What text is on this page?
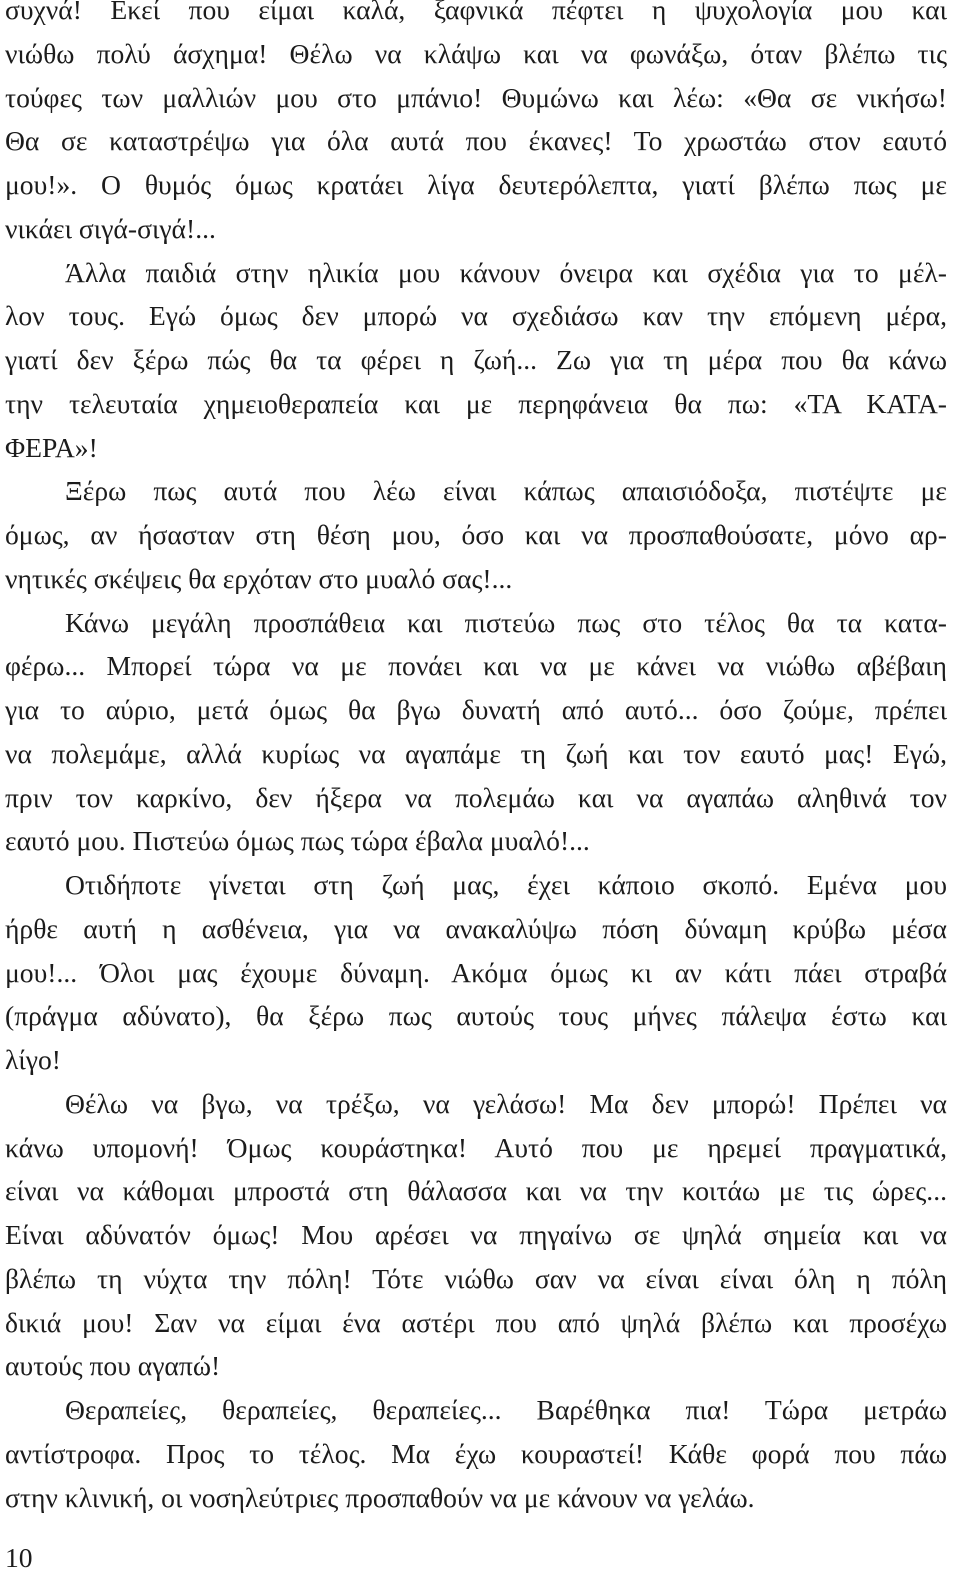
συχνά! Εκεί που είμαι καλά, ξαφνικά πέφτει η ψυχολογία μου και
νιώθω πολύ άσχημα! Θέλω να κλάψω και να φωνάξω, όταν βλέπω τις
τούφες των μαλλιών μου στο μπάνιο! Θυμώνω και λέω: «Θα σε νικήσω!
Θα σε καταστρέψω για όλα αυτά που έκανες! Το χρωστάω στον εαυτό
μου!». Ο θυμός όμως κρατάει λίγα δευτερόλεπτα, γιατί βλέπω πως με
νικάει σιγά-σιγά!...
Άλλα παιδιά στην ηλικία μου κάνουν όνειρα και σχέδια για το μέλ-
λον τους. Εγώ όμως δεν μπορώ να σχεδιάσω καν την επόμενη μέρα,
γιατί δεν ξέρω πώς θα τα φέρει η ζωή... Ζω για τη μέρα που θα κάνω
την τελευταία χημειοθεραπεία και με περηφάνεια θα πω: «ΤΑ ΚΑΤΑ-
ΦΕΡΑ»!
Ξέρω πως αυτά που λέω είναι κάπως απαισιόδοξα, πιστέψτε με
όμως, αν ήσασταν στη θέση μου, όσο και να προσπαθούσατε, μόνο αρ-
νητικές σκέψεις θα ερχόταν στο μυαλό σας!...
Κάνω μεγάλη προσπάθεια και πιστεύω πως στο τέλος θα τα κατα-
φέρω... Μπορεί τώρα να με πονάει και να με κάνει να νιώθω αβέβαιη
για το αύριο, μετά όμως θα βγω δυνατή από αυτό... όσο ζούμε, πρέπει
να πολεμάμε, αλλά κυρίως να αγαπάμε τη ζωή και τον εαυτό μας! Εγώ,
πριν τον καρκίνο, δεν ήξερα να πολεμάω και να αγαπάω αληθινά τον
εαυτό μου. Πιστεύω όμως πως τώρα έβαλα μυαλό!...
Οτιδήποτε γίνεται στη ζωή μας, έχει κάποιο σκοπό. Εμένα μου
ήρθε αυτή η ασθένεια, για να ανακαλύψω πόση δύναμη κρύβω μέσα
μου!... Όλοι μας έχουμε δύναμη. Ακόμα όμως κι αν κάτι πάει στραβά
(πράγμα αδύνατο), θα ξέρω πως αυτούς τους μήνες πάλεψα έστω και
λίγο!
Θέλω να βγω, να τρέξω, να γελάσω! Μα δεν μπορώ! Πρέπει να
κάνω υπομονή! Όμως κουράστηκα! Αυτό που με ηρεμεί πραγματικά,
είναι να κάθομαι μπροστά στη θάλασσα και να την κοιτάω με τις ώρες...
Είναι αδύνατόν όμως! Μου αρέσει να πηγαίνω σε ψηλά σημεία και να
βλέπω τη νύχτα την πόλη! Τότε νιώθω σαν να είναι είναι όλη η πόλη
δικιά μου! Σαν να είμαι ένα αστέρι που από ψηλά βλέπω και προσέχω
αυτούς που αγαπώ!
Θεραπείες, θεραπείες, θεραπείες... Βαρέθηκα πια! Τώρα μετράω
αντίστροφα. Προς το τέλος. Μα έχω κουραστεί! Κάθε φορά που πάω
στην κλινική, οι νοσηλεύτριες προσπαθούν να με κάνουν να γελάω.
10
